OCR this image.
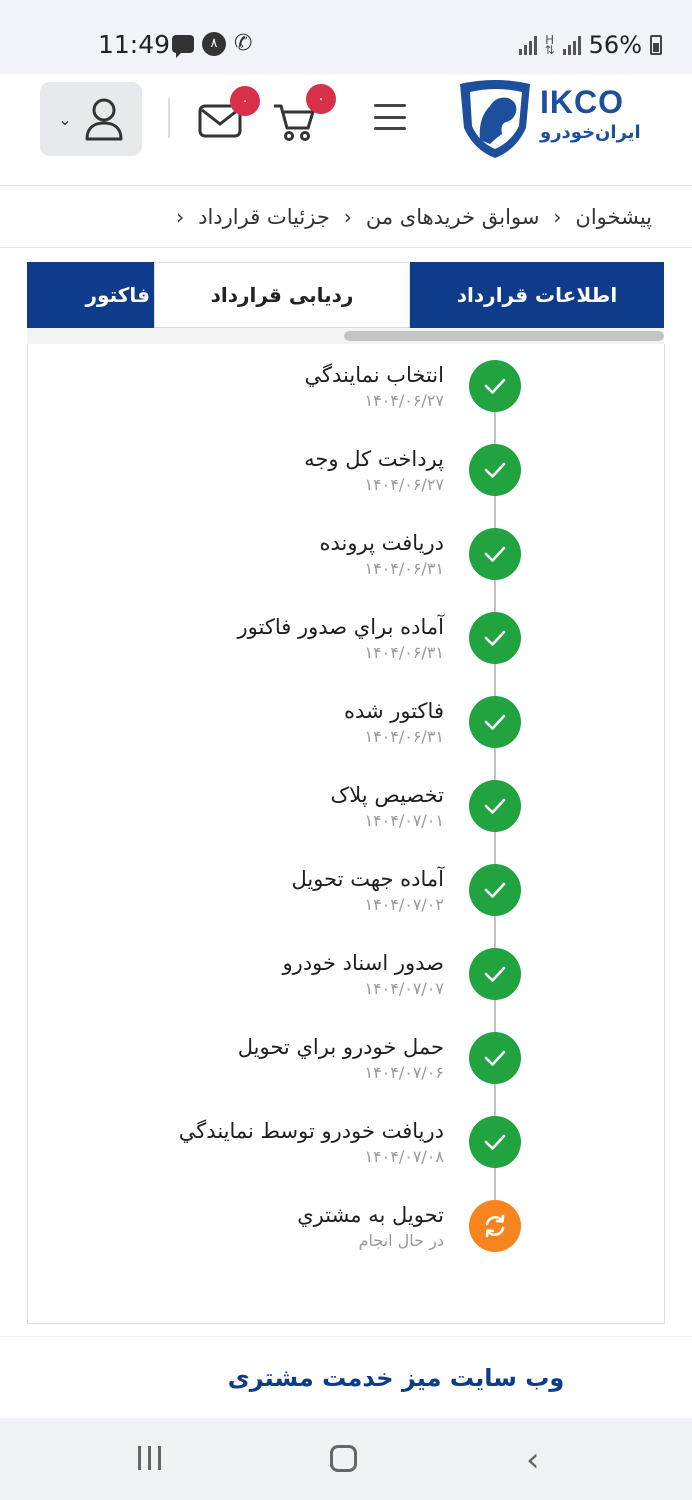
11:49	۸ ✆	H
⇅ 56%
⌄
۰	۰	IKCO
ایران‌خودرو
پیشخوان
‹
سوابق خریدهای من
‹
جزئیات قرارداد
‹
اطلاعات قرارداد
ردیابی قرارداد
فاکتور
انتخاب نمايندگي
۱۴۰۴/۰۶/۲۷
پرداخت کل وجه
۱۴۰۴/۰۶/۲۷
دريافت پرونده
۱۴۰۴/۰۶/۳۱
آماده براي صدور فاکتور
۱۴۰۴/۰۶/۳۱
فاکتور شده
۱۴۰۴/۰۶/۳۱
تخصيص پلاک
۱۴۰۴/۰۷/۰۱
آماده جهت تحويل
۱۴۰۴/۰۷/۰۲
صدور اسناد خودرو
۱۴۰۴/۰۷/۰۷
حمل خودرو براي تحويل
۱۴۰۴/۰۷/۰۶
دريافت خودرو توسط نمايندگي
۱۴۰۴/۰۷/۰۸
تحويل به مشتري
در حال انجام
وب سایت میز خدمت مشتری
‹
